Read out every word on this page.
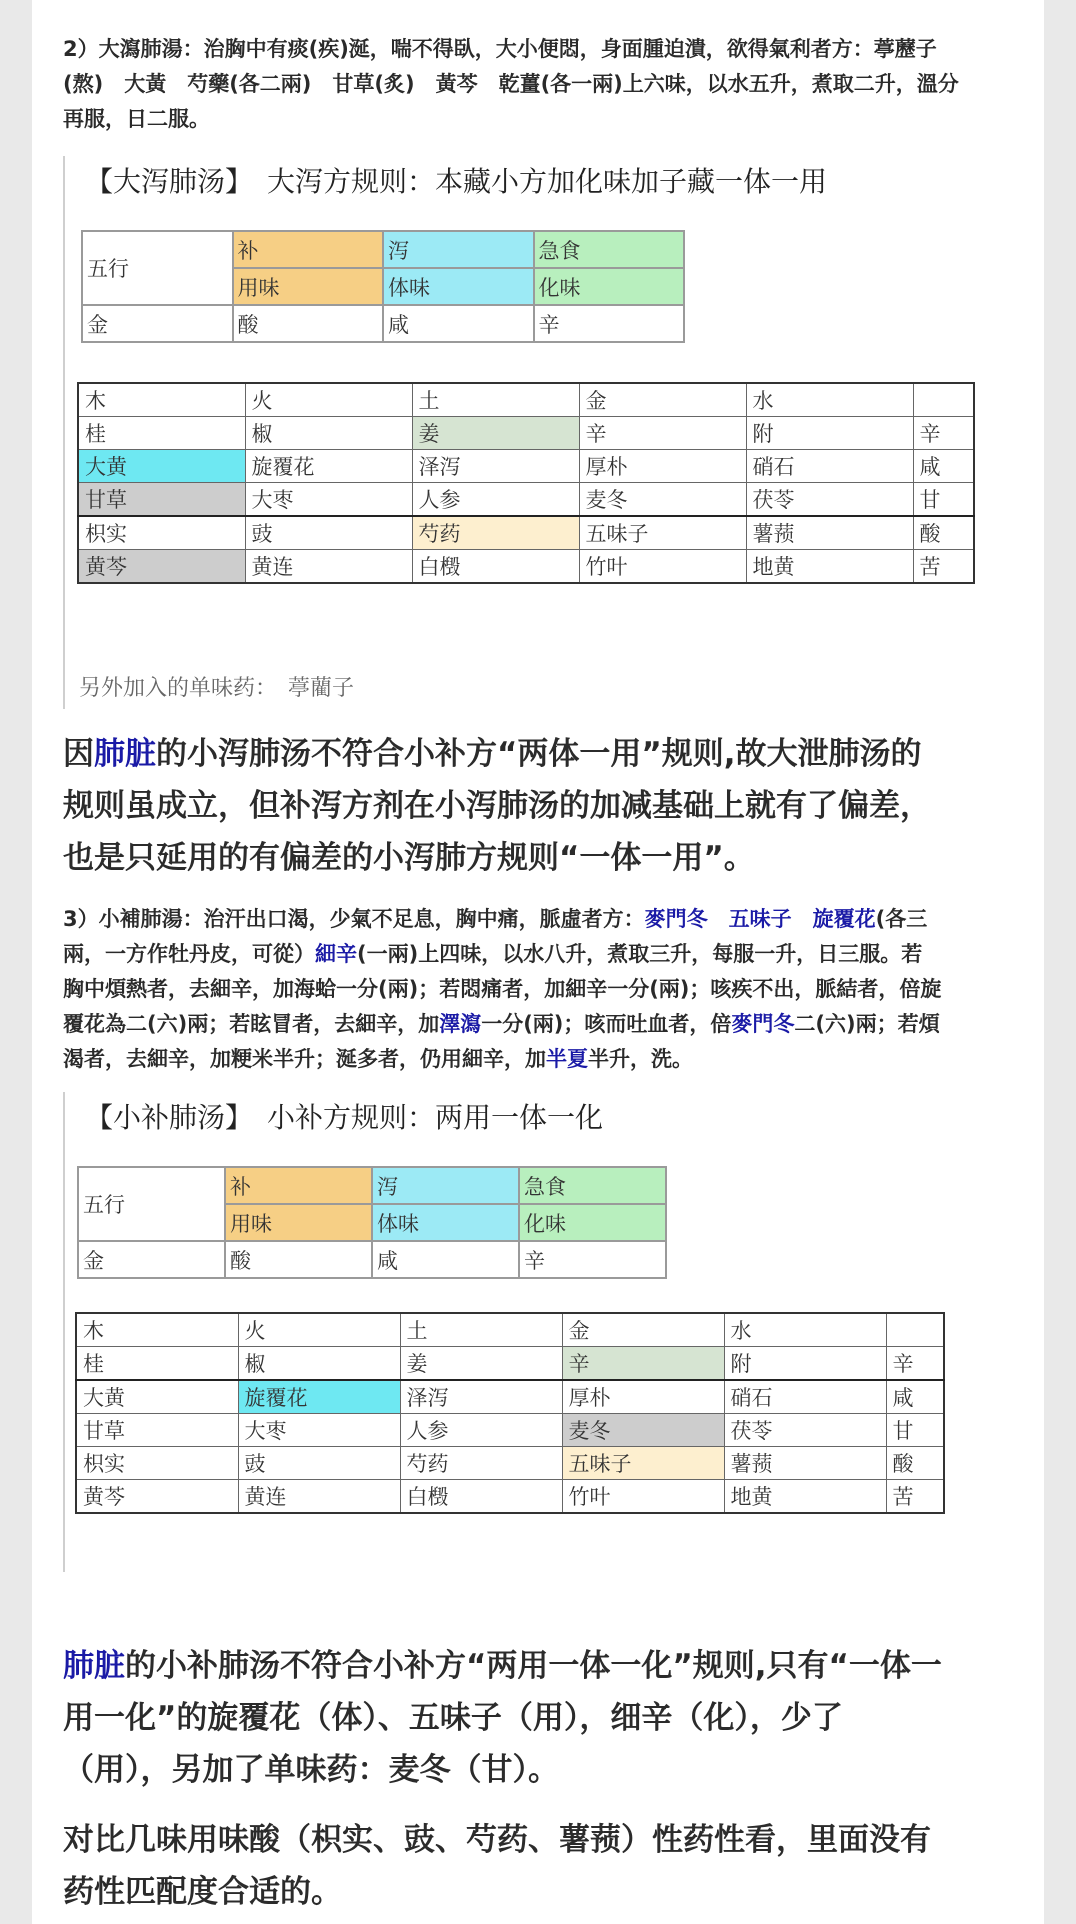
2）大瀉肺湯：治胸中有痰(疾)涎，喘不得臥，大小便悶，身面腫迫潰，欲得氣利者方：葶藶子
(熬)　大黃　芍藥(各二兩)　甘草(炙)　黃芩　乾薑(各一兩)上六味，以水五升，煮取二升，溫分
再服，日二服。
【大泻肺汤】　大泻方规则：本藏小方加化味加子藏一体一用
五行	补	泻	急食
	用味	体味	化味
金	酸	咸	辛
木	火	土	金	水	
桂	椒	姜	辛	附	辛
大黄	旋覆花	泽泻	厚朴	硝石	咸
甘草	大枣	人参	麦冬	茯苓	甘
枳实	豉	芍药	五味子	薯蓣	酸
黄芩	黄连	白檓	竹叶	地黄	苦
另外加入的单味药：　葶藺子
因肺脏的小泻肺汤不符合小补方“两体一用”规则,故大泄肺汤的
规则虽成立，但补泻方剂在小泻肺汤的加减基础上就有了偏差，
也是只延用的有偏差的小泻肺方规则“一体一用”。
3）小補肺湯：治汗出口渴，少氣不足息，胸中痛，脈虛者方：麥門冬　五味子　旋覆花(各三
兩，一方作牡丹皮，可從）細辛(一兩)上四味，以水八升，煮取三升，每服一升，日三服。若
胸中煩熱者，去細辛，加海蛤一分(兩)；若悶痛者，加細辛一分(兩)；咳疾不出，脈結者，倍旋
覆花為二(六)兩；若眩冒者，去細辛，加澤瀉一分(兩)；咳而吐血者，倍麥門冬二(六)兩；若煩
渴者，去細辛，加粳米半升；涎多者，仍用細辛，加半夏半升，洗。
【小补肺汤】　小补方规则：两用一体一化
五行	补	泻	急食
	用味	体味	化味
金	酸	咸	辛
木	火	土	金	水	
桂	椒	姜	辛	附	辛
大黄	旋覆花	泽泻	厚朴	硝石	咸
甘草	大枣	人参	麦冬	茯苓	甘
枳实	豉	芍药	五味子	薯蓣	酸
黄芩	黄连	白檓	竹叶	地黄	苦
肺脏的小补肺汤不符合小补方“两用一体一化”规则,只有“一体一
用一化”的旋覆花（体）、五味子（用），细辛（化），少了
（用），另加了单味药：麦冬（甘）。
对比几味用味酸（枳实、豉、芍药、薯蓣）性药性看，里面没有
药性匹配度合适的。
